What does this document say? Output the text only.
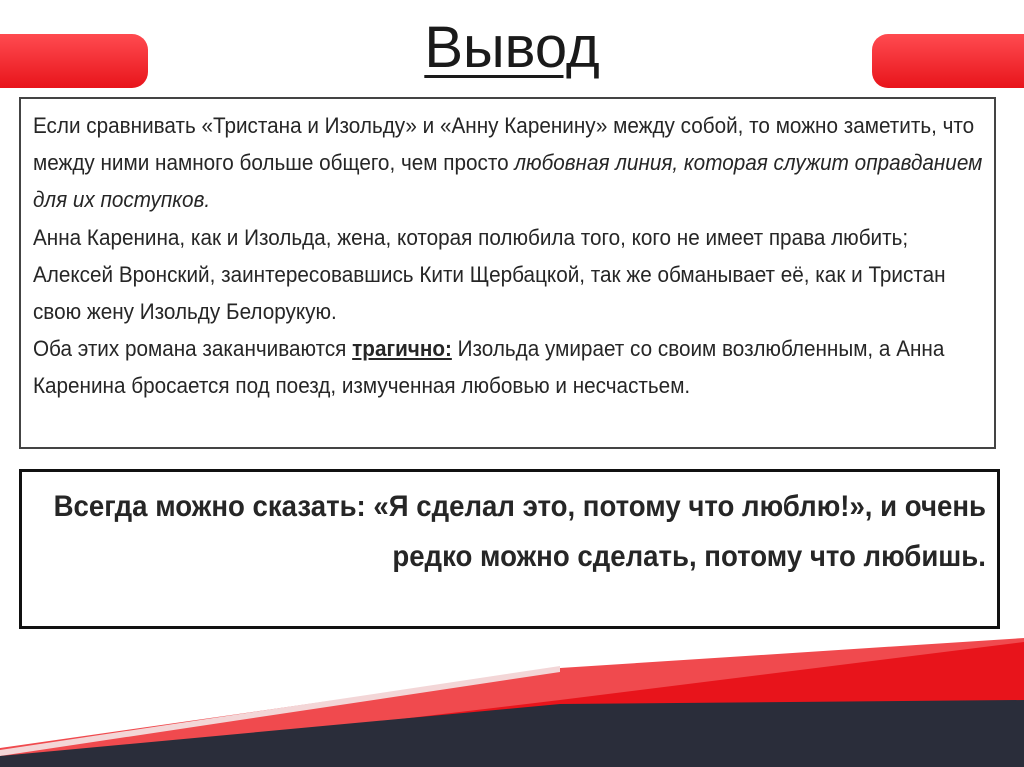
Вывод

Если сравнивать «Тристана и Изольду» и «Анну Каренину» между собой, то можно заметить, что между ними намного больше общего, чем просто любовная линия, которая служит оправданием для их поступков.

Анна Каренина, как и Изольда, жена, которая полюбила того, кого не имеет права любить; Алексей Вронский, заинтересовавшись Кити Щербацкой, так же обманывает её, как и Тристан свою жену Изольду Белорукую.

Оба этих романа заканчиваются трагично: Изольда умирает со своим возлюбленным, а Анна Каренина бросается под поезд, измученная любовью и несчастьем.

Всегда можно сказать: «Я сделал это, потому что люблю!», и очень редко можно сделать, потому что любишь.
